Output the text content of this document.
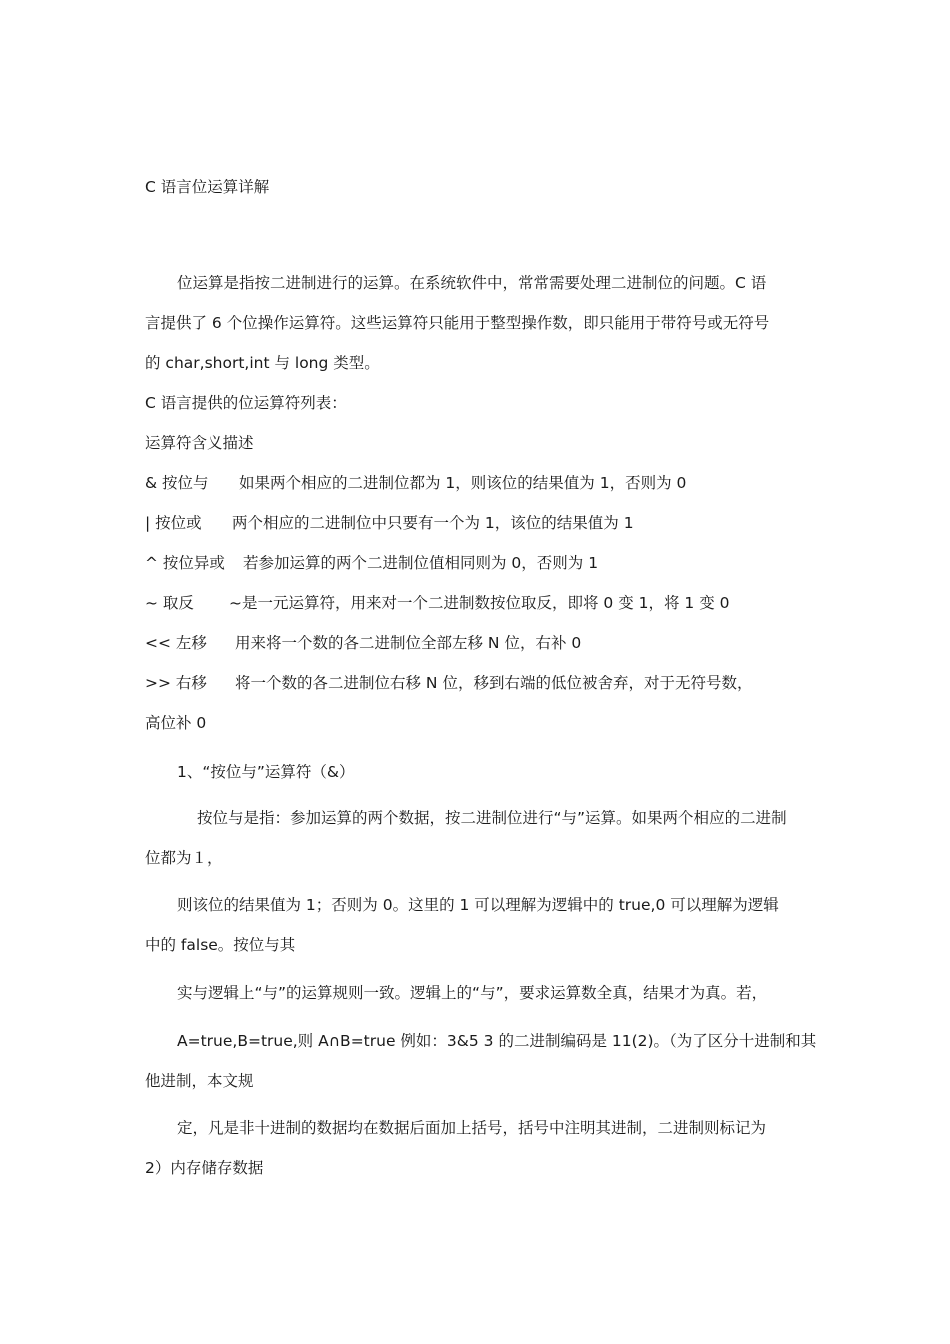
C 语言位运算详解
位运算是指按二进制进行的运算。在系统软件中，常常需要处理二进制位的问题。C 语
言提供了 6 个位操作运算符。这些运算符只能用于整型操作数，即只能用于带符号或无符号
的 char,short,int 与 long 类型。
C 语言提供的位运算符列表：
运算符含义描述
& 按位与 如果两个相应的二进制位都为 1，则该位的结果值为 1，否则为 0
| 按位或 两个相应的二进制位中只要有一个为 1，该位的结果值为 1
^ 按位异或 若参加运算的两个二进制位值相同则为 0，否则为 1
~ 取反 ~是一元运算符，用来对一个二进制数按位取反，即将 0 变 1，将 1 变 0
<< 左移 用来将一个数的各二进制位全部左移 N 位，右补 0
>> 右移 将一个数的各二进制位右移 N 位，移到右端的低位被舍弃，对于无符号数，
高位补 0
1、“按位与”运算符（&）
按位与是指：参加运算的两个数据，按二进制位进行“与”运算。如果两个相应的二进制
位都为１，
则该位的结果值为 1；否则为 0。这里的 1 可以理解为逻辑中的 true,0 可以理解为逻辑
中的 false。按位与其
实与逻辑上“与”的运算规则一致。逻辑上的“与”，要求运算数全真，结果才为真。若，
A=true,B=true,则 A∩B=true 例如：3&5 3 的二进制编码是 11(2)。（为了区分十进制和其
他进制，本文规
定，凡是非十进制的数据均在数据后面加上括号，括号中注明其进制，二进制则标记为
2）内存储存数据
